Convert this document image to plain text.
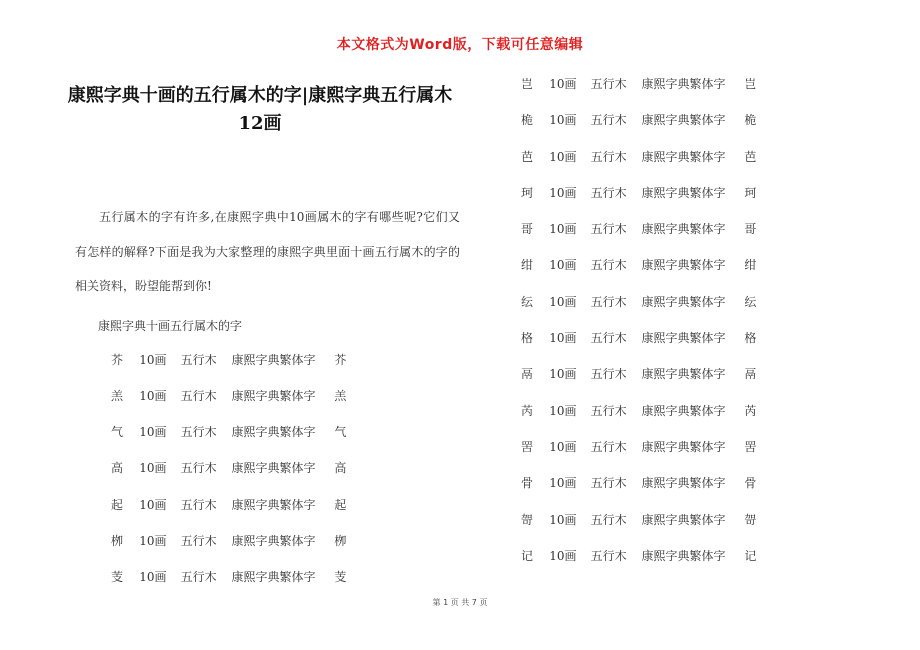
本文格式为Word版，下载可任意编辑
康熙字典十画的五行属木的字|康熙字典五行属木12画

五行属木的字有许多,在康熙字典中10画属木的字有哪些呢?它们又有怎样的解释?下面是我为大家整理的康熙字典里面十画五行属木的字的相关资料，盼望能帮到你!

康熙字典十画五行属木的字
芥 10画 五行木 康熙字典繁体字 芥
羔 10画 五行木 康熙字典繁体字 羔
气 10画 五行木 康熙字典繁体字 气
高 10画 五行木 康熙字典繁体字 高
起 10画 五行木 康熙字典繁体字 起
栁 10画 五行木 康熙字典繁体字 栁
芰 10画 五行木 康熙字典繁体字 芰
岂 10画 五行木 康熙字典繁体字 岂
桅 10画 五行木 康熙字典繁体字 桅
芭 10画 五行木 康熙字典繁体字 芭
珂 10画 五行木 康熙字典繁体字 珂
哥 10画 五行木 康熙字典繁体字 哥
绀 10画 五行木 康熙字典繁体字 绀
纭 10画 五行木 康熙字典繁体字 纭
格 10画 五行木 康熙字典繁体字 格
鬲 10画 五行木 康熙字典繁体字 鬲
芮 10画 五行木 康熙字典繁体字 芮
罟 10画 五行木 康熙字典繁体字 罟
骨 10画 五行木 康熙字典繁体字 骨
哿 10画 五行木 康熙字典繁体字 哿
记 10画 五行木 康熙字典繁体字 记
第 1 页 共 7 页
